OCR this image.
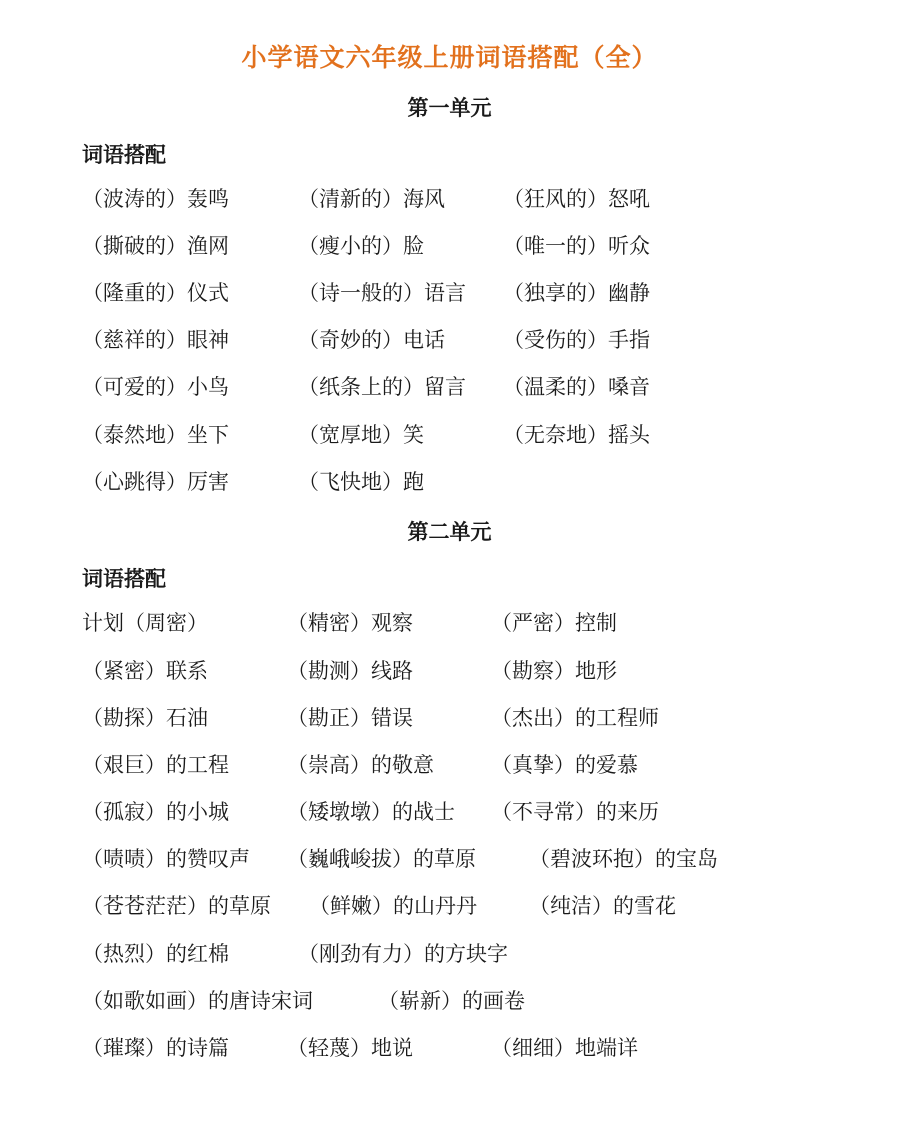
小学语文六年级上册词语搭配（全）
第一单元
词语搭配
（波涛的）轰鸣	（清新的）海风	（狂风的）怒吼
（撕破的）渔网	（瘦小的）脸	（唯一的）听众
（隆重的）仪式	（诗一般的）语言 （独享的）幽静
（慈祥的）眼神	（奇妙的）电话	（受伤的）手指
（可爱的）小鸟	（纸条上的）留言 （温柔的）嗓音
（泰然地）坐下	（宽厚地）笑	（无奈地）摇头
（心跳得）厉害	（飞快地）跑
第二单元
词语搭配
计划（周密）	（精密）观察	（严密）控制
（紧密）联系	（勘测）线路	（勘察）地形
（勘探）石油	（勘正）错误	（杰出）的工程师
（艰巨）的工程	（崇高）的敬意	（真挚）的爱慕
（孤寂）的小城	（矮墩墩）的战士 （不寻常）的来历
（啧啧）的赞叹声 （巍峨峻拔）的草原	（碧波环抱）的宝岛
（苍苍茫茫）的草原 （鲜嫩）的山丹丹 （纯洁）的雪花
（热烈）的红棉	（刚劲有力）的方块字
（如歌如画）的唐诗宋词	（崭新）的画卷
（璀璨）的诗篇	（轻蔑）地说	（细细）地端详
